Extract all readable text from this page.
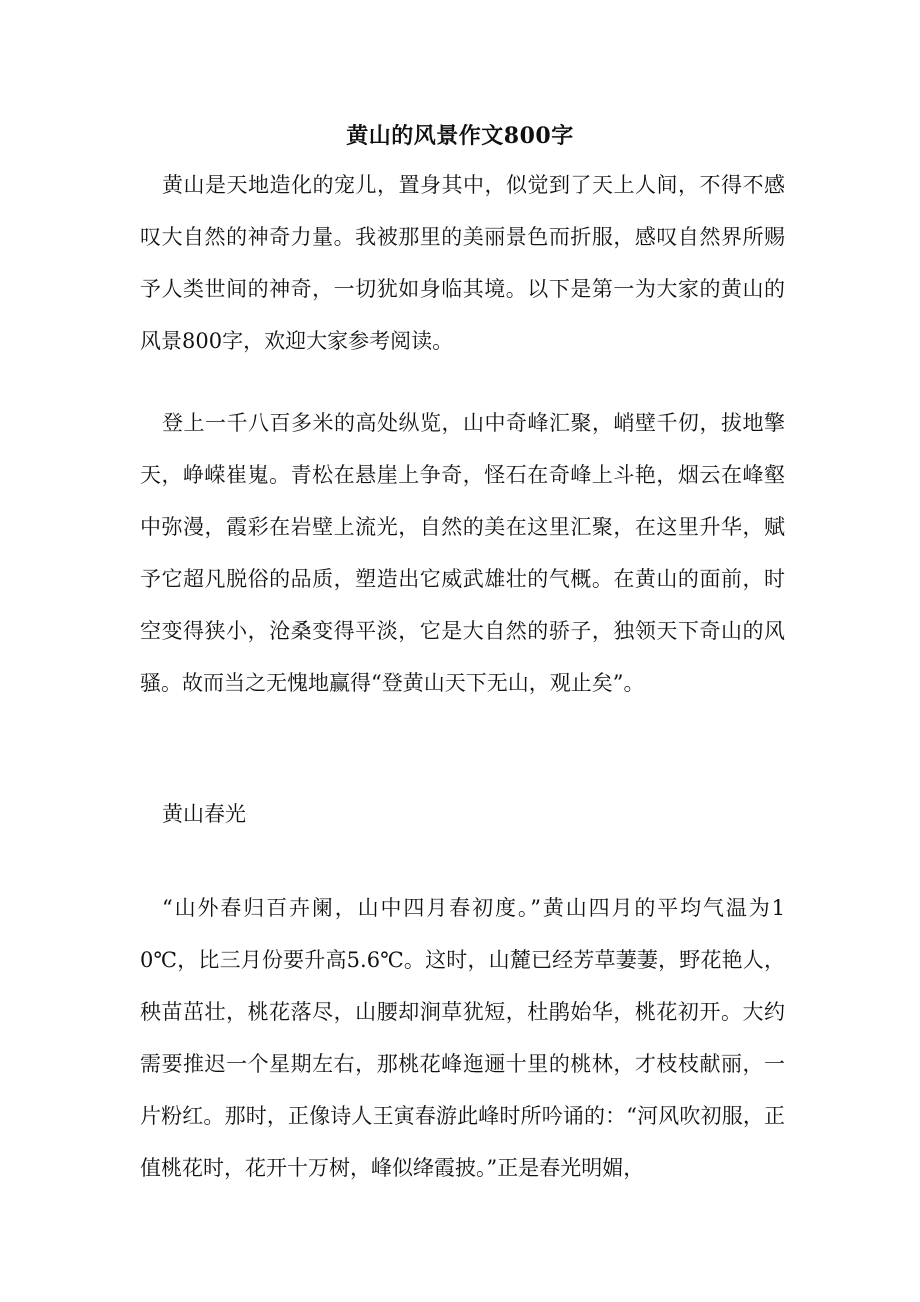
黄山的风景作文800字

黄山是天地造化的宠儿，置身其中，似觉到了天上人间，不得不感叹大自然的神奇力量。我被那里的美丽景色而折服，感叹自然界所赐予人类世间的神奇，一切犹如身临其境。以下是第一为大家的黄山的风景800字，欢迎大家参考阅读。

登上一千八百多米的高处纵览，山中奇峰汇聚，峭壁千仞，拔地擎天，峥嵘崔嵬。青松在悬崖上争奇，怪石在奇峰上斗艳，烟云在峰壑中弥漫，霞彩在岩壁上流光，自然的美在这里汇聚，在这里升华，赋予它超凡脱俗的品质，塑造出它威武雄壮的气概。在黄山的面前，时空变得狭小，沧桑变得平淡，它是大自然的骄子，独领天下奇山的风骚。故而当之无愧地赢得“登黄山天下无山，观止矣”。

黄山春光

“山外春归百卉阑，山中四月春初度。”黄山四月的平均气温为10℃，比三月份要升高5.6℃。这时，山麓已经芳草萋萋，野花艳人，秧苗茁壮，桃花落尽，山腰却涧草犹短，杜鹃始华，桃花初开。大约需要推迟一个星期左右，那桃花峰迤逦十里的桃林，才枝枝献丽，一片粉红。那时，正像诗人王寅春游此峰时所吟诵的：“河风吹初服，正值桃花时，花开十万树，峰似绛霞披。”正是春光明媚，
